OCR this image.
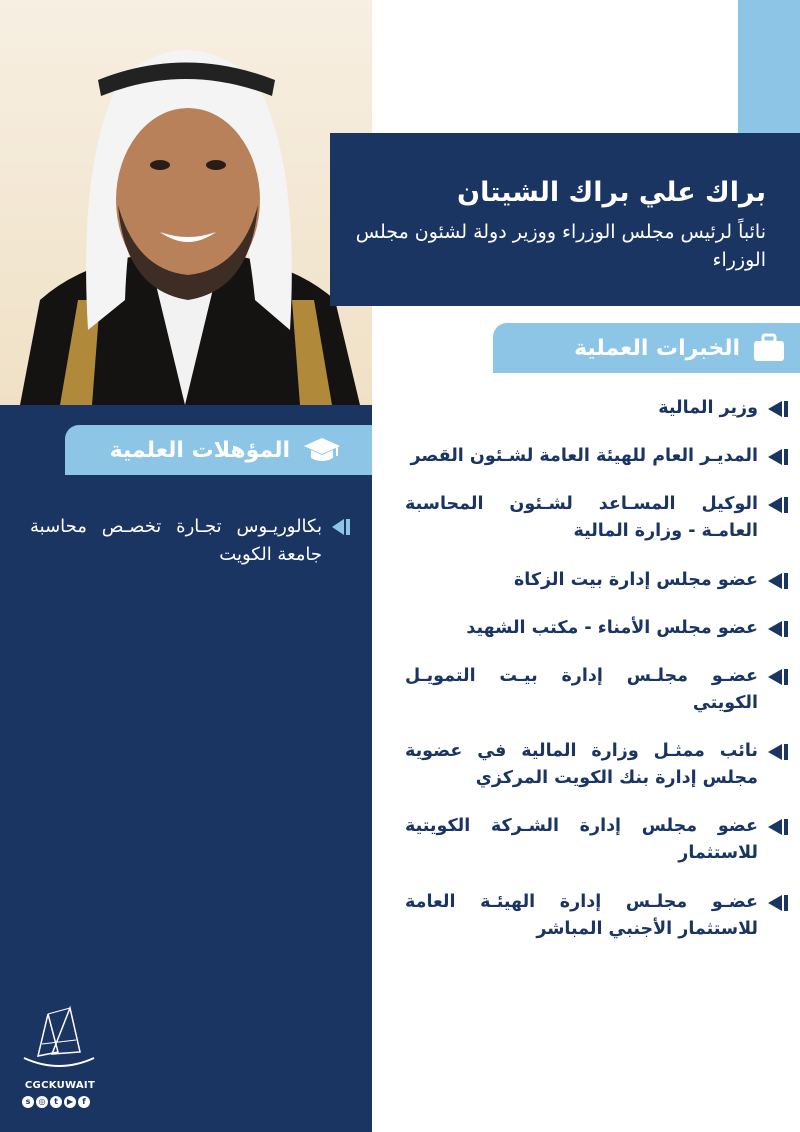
براك علي براك الشيتان
نائباً لرئيس مجلس الوزراء ووزير دولة لشئون مجلس الوزراء
الخبرات العملية
وزير المالية
المديـر العام للهيئة العامة لشـئون القصر
الوكيل المسـاعد لشـئون المحاسبة العامـة - وزارة المالية
عضو مجلس إدارة بيت الزكاة
عضو مجلس الأمناء - مكتب الشهيد
عضـو مجلـس إدارة بيـت التمويـل الكويتي
نائب ممثـل وزارة المالية في عضوية مجلس إدارة بنك الكويت المركزي
عضو مجلس إدارة الشـركة الكويتية للاستثمار
عضـو مجلـس إدارة الهيئـة العامة للاستثمار الأجنبي المباشر
المؤهلات العلمية
بكالوريـوس تجـارة تخصـص محاسبة جامعة الكويت
CGCKUWAIT
s	◎	t	▶	f
